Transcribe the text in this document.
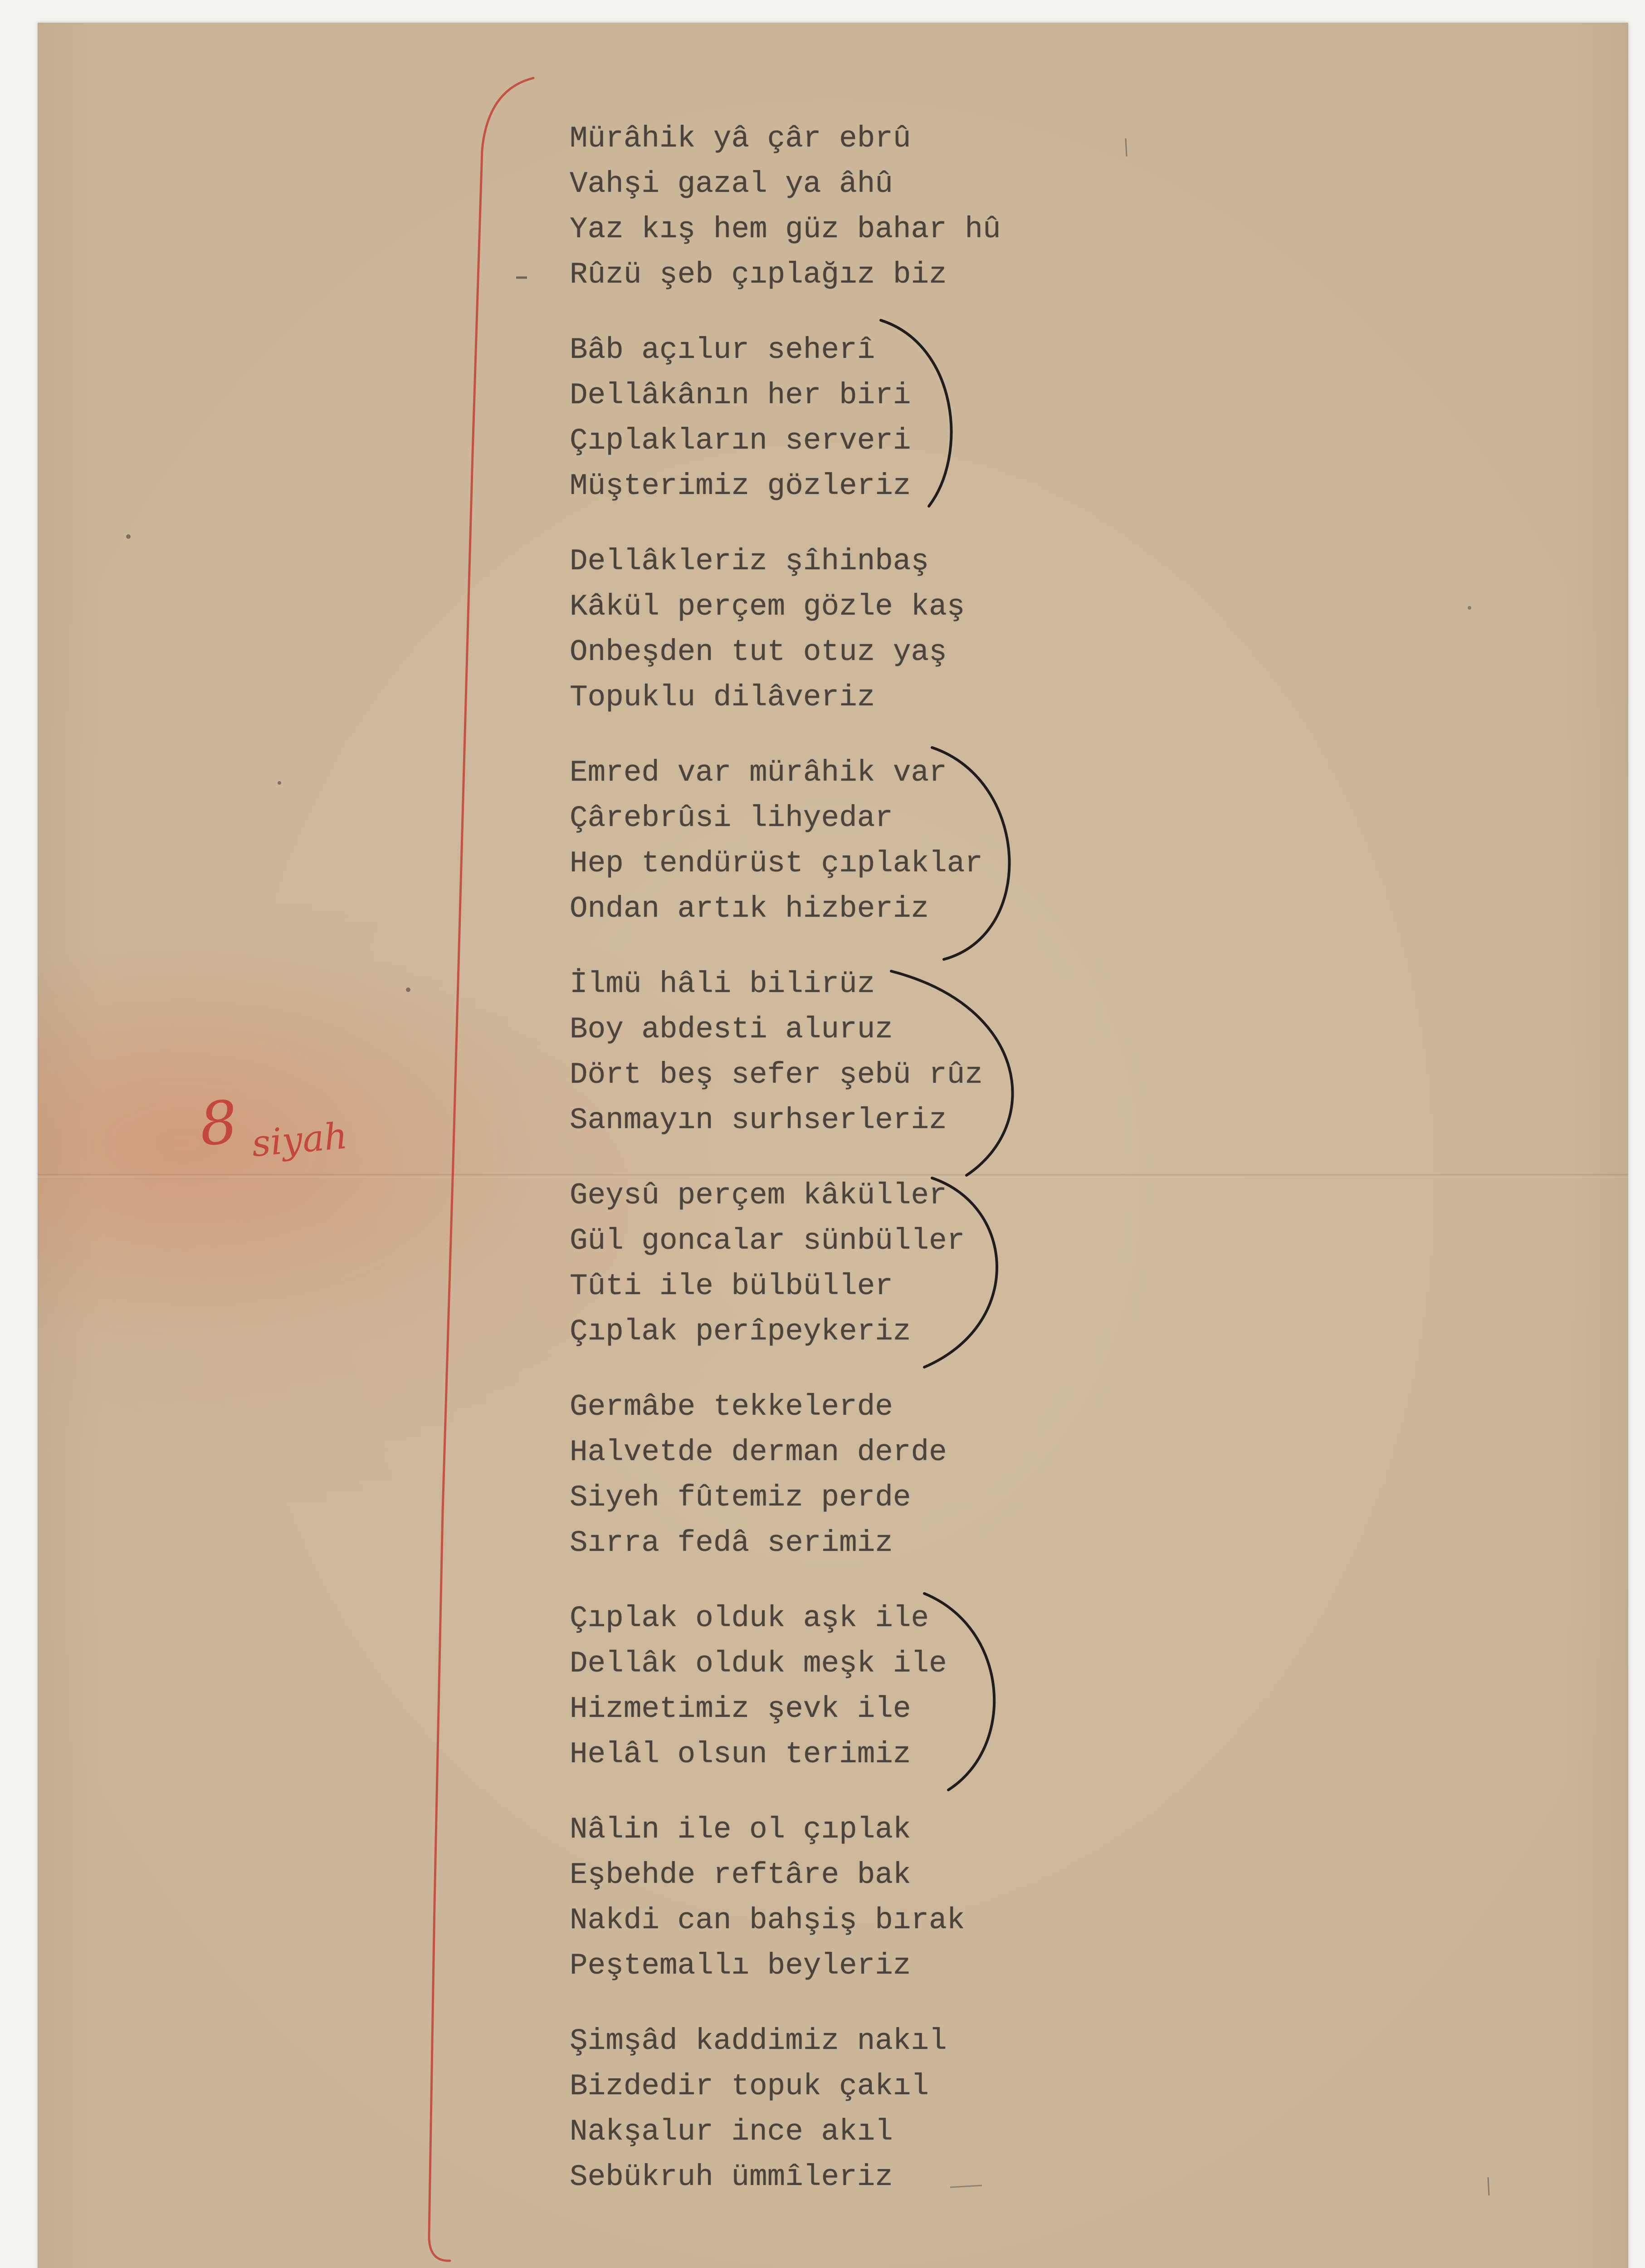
8 siyah
Mürâhik yâ çâr ebrû
Vahşi gazal ya âhû
Yaz kış hem güz bahar hû
Rûzü şeb çıplağız biz
Bâb açılur seherî
Dellâkânın her biri
Çıplakların serveri
Müşterimiz gözleriz
Dellâkleriz şîhinbaş
Kâkül perçem gözle kaş
Onbeşden tut otuz yaş
Topuklu dilâveriz
Emred var mürâhik var
Çârebrûsi lihyedar
Hep tendürüst çıplaklar
Ondan artık hizberiz
İlmü hâli bilirüz
Boy abdesti aluruz
Dört beş sefer şebü rûz
Sanmayın surhserleriz
Geysû perçem kâküller
Gül goncalar sünbüller
Tûti ile bülbüller
Çıplak perîpeykeriz
Germâbe tekkelerde
Halvetde derman derde
Siyeh fûtemiz perde
Sırra fedâ serimiz
Çıplak olduk aşk ile
Dellâk olduk meşk ile
Hizmetimiz şevk ile
Helâl olsun terimiz
Nâlin ile ol çıplak
Eşbehde reftâre bak
Nakdi can bahşiş bırak
Peştemallı beyleriz
Şimşâd kaddimiz nakıl
Bizdedir topuk çakıl
Nakşalur ince akıl
Sebükruh ümmîleriz
